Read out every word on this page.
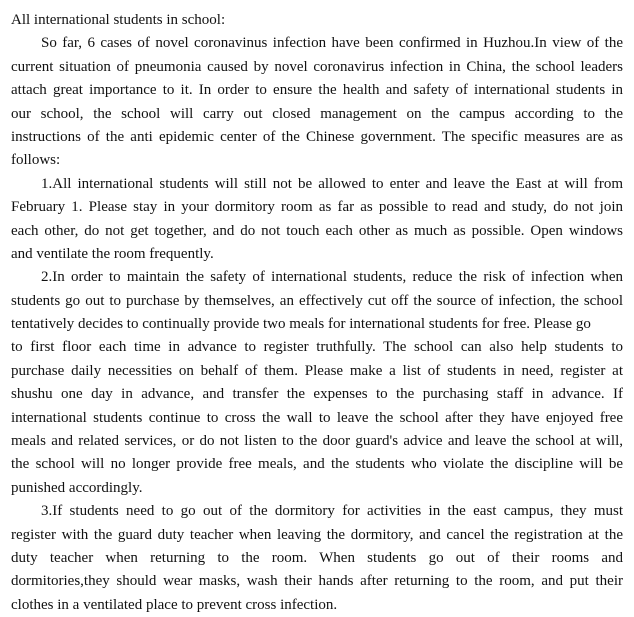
All international students in school:
So far, 6 cases of novel coronavinus infection have been confirmed in Huzhou.In view of the
current situation of pneumonia caused by novel coronavirus infection in China, the school leaders
attach great importance to it. In order to ensure the health and safety of international students in
our school, the school will carry out closed management on the campus according to the
instructions of the anti epidemic center of the Chinese government. The specific measures are as
follows:
1.All international students will still not be allowed to enter and leave the East at will from
February 1. Please stay in your dormitory room as far as possible to read and study, do not join
each other, do not get together, and do not touch each other as much as possible. Open windows
and ventilate the room frequently.
2.In order to maintain the safety of international students, reduce the risk of infection when
students go out to purchase by themselves, an effectively cut off the source of infection, the school
tentatively decides to continually provide two meals for international students for free. Please go
to first floor each time in advance to register truthfully. The school can also help students to
purchase daily necessities on behalf of them. Please make a list of students in need, register at
shushu one day in advance, and transfer the expenses to the purchasing staff in advance. If
international students continue to cross the wall to leave the school after they have enjoyed free
meals and related services, or do not listen to the door guard's advice and leave the school at will,
the school will no longer provide free meals, and the students who violate the discipline will be
punished accordingly.
3.If students need to go out of the dormitory for activities in the east campus, they must
register with the guard duty teacher when leaving the dormitory, and cancel the registration at the
duty teacher when returning to the room. When students go out of their rooms and
dormitories,they should wear masks, wash their hands after returning to the room, and put their
clothes in a ventilated place to prevent cross infection.
